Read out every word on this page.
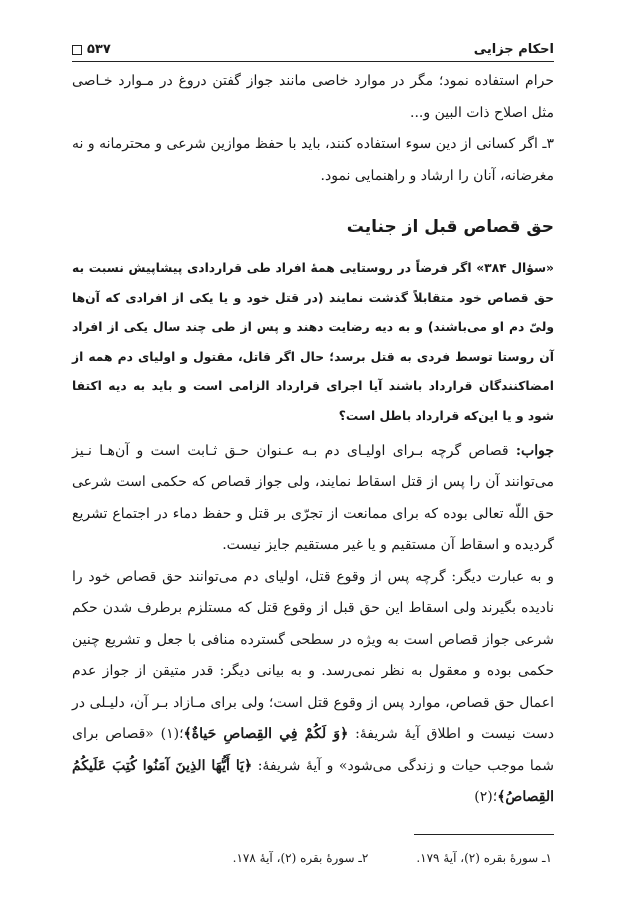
احکام جزایی
۵۳۷

حرام استفاده نمود؛ مگر در موارد خاصی مانند جواز گفتن دروغ در مـوارد خـاصی مثل اصلاح ذات البین و...

۳ـ اگر کسانی از دین سوء استفاده کنند، باید با حفظ موازین شرعی و محترمانه و نه مغرضانه، آنان را ارشاد و راهنمایی نمود.

حق قصاص قبل از جنایت

«سؤال ۳۸۴» اگر فرضاً در روستایی همهٔ افراد طی قراردادی پیشاپیش نسبت به حق قصاص خود متقابلاً گذشت نمایند (در قتل خود و یا یکی از افرادی که آن‌ها ولیّ دم او می‌باشند) و به دیه رضایت دهند و پس از طی چند سال یکی از افراد آن روستا توسط فردی به قتل برسد؛ حال اگر قاتل، مقتول و اولیای دم همه از امضاکنندگان قرارداد باشند آیا اجرای قرارداد الزامی است و باید به دیه اکتفا شود و یا این‌که قرارداد باطل است؟

جواب: قصاص گرچه بـرای اولیـای دم بـه عـنوان حـق ثـابت است و آن‌هـا نـیز می‌توانند آن را پس از قتل اسقاط نمایند، ولی جواز قصاص که حکمی است شرعی حق اللّه تعالی بوده که برای ممانعت از تجرّی بر قتل و حفظ دماء در اجتماع تشریع گردیده و اسقاط آن مستقیم و یا غیر مستقیم جایز نیست.

و به عبارت دیگر: گرچه پس از وقوع قتل، اولیای دم می‌توانند حق قصاص خود را نادیده بگیرند ولی اسقاط این حق قبل از وقوع قتل که مستلزم برطرف شدن حکم شرعی جواز قصاص است به ویژه در سطحی گسترده منافی با جعل و تشریع چنین حکمی بوده و معقول به نظر نمی‌رسد. و به بیانی دیگر: قدر متیقن از جواز عدم اعمال حق قصاص، موارد پس از وقوع قتل است؛ ولی برای مـازاد بـر آن، دلیـلی در دست نیست و اطلاق آیهٔ شریفهٔ: ﴿وَ لَكُمْ فِي القِصاصِ حَياةٌ﴾؛(۱) «قصاص برای شما موجب حیات و زندگی می‌شود» و آیهٔ شریفهٔ: ﴿يَا أَيُّهَا الذِينَ آمَنُوا كُتِبَ عَلَيكُمُ القِصاصُ﴾؛(۲)

۱ـ سورهٔ بقره (۲)، آیهٔ ۱۷۹.
۲ـ سورهٔ بقره (۲)، آیهٔ ۱۷۸.
